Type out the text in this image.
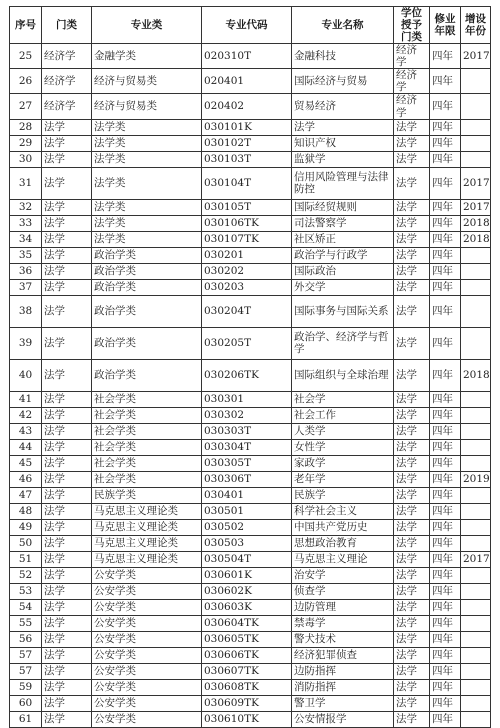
序号	门类	专业类	专业代码	专业名称	学位授予门类	修业年限	增设年份
25	经济学	金融学类	020310T	金融科技	经济学	四年	2017
26	经济学	经济与贸易类	020401	国际经济与贸易	经济学	四年	
27	经济学	经济与贸易类	020402	贸易经济	经济学	四年	
28	法学	法学类	030101K	法学	法学	四年	
29	法学	法学类	030102T	知识产权	法学	四年	
30	法学	法学类	030103T	监狱学	法学	四年	
31	法学	法学类	030104T	信用风险管理与法律防控	法学	四年	2017
32	法学	法学类	030105T	国际经贸规则	法学	四年	2017
33	法学	法学类	030106TK	司法警察学	法学	四年	2018
34	法学	法学类	030107TK	社区矫正	法学	四年	2018
35	法学	政治学类	030201	政治学与行政学	法学	四年	
36	法学	政治学类	030202	国际政治	法学	四年	
37	法学	政治学类	030203	外交学	法学	四年	
38	法学	政治学类	030204T	国际事务与国际关系	法学	四年	
39	法学	政治学类	030205T	政治学、经济学与哲学	法学	四年	
40	法学	政治学类	030206TK	国际组织与全球治理	法学	四年	2018
41	法学	社会学类	030301	社会学	法学	四年	
42	法学	社会学类	030302	社会工作	法学	四年	
43	法学	社会学类	030303T	人类学	法学	四年	
44	法学	社会学类	030304T	女性学	法学	四年	
45	法学	社会学类	030305T	家政学	法学	四年	
46	法学	社会学类	030306T	老年学	法学	四年	2019
47	法学	民族学类	030401	民族学	法学	四年	
48	法学	马克思主义理论类	030501	科学社会主义	法学	四年	
49	法学	马克思主义理论类	030502	中国共产党历史	法学	四年	
50	法学	马克思主义理论类	030503	思想政治教育	法学	四年	
51	法学	马克思主义理论类	030504T	马克思主义理论	法学	四年	2017
52	法学	公安学类	030601K	治安学	法学	四年	
53	法学	公安学类	030602K	侦查学	法学	四年	
54	法学	公安学类	030603K	边防管理	法学	四年	
55	法学	公安学类	030604TK	禁毒学	法学	四年	
56	法学	公安学类	030605TK	警犬技术	法学	四年	
57	法学	公安学类	030606TK	经济犯罪侦查	法学	四年	
57	法学	公安学类	030607TK	边防指挥	法学	四年	
59	法学	公安学类	030608TK	消防指挥	法学	四年	
60	法学	公安学类	030609TK	警卫学	法学	四年	
61	法学	公安学类	030610TK	公安情报学	法学	四年	
